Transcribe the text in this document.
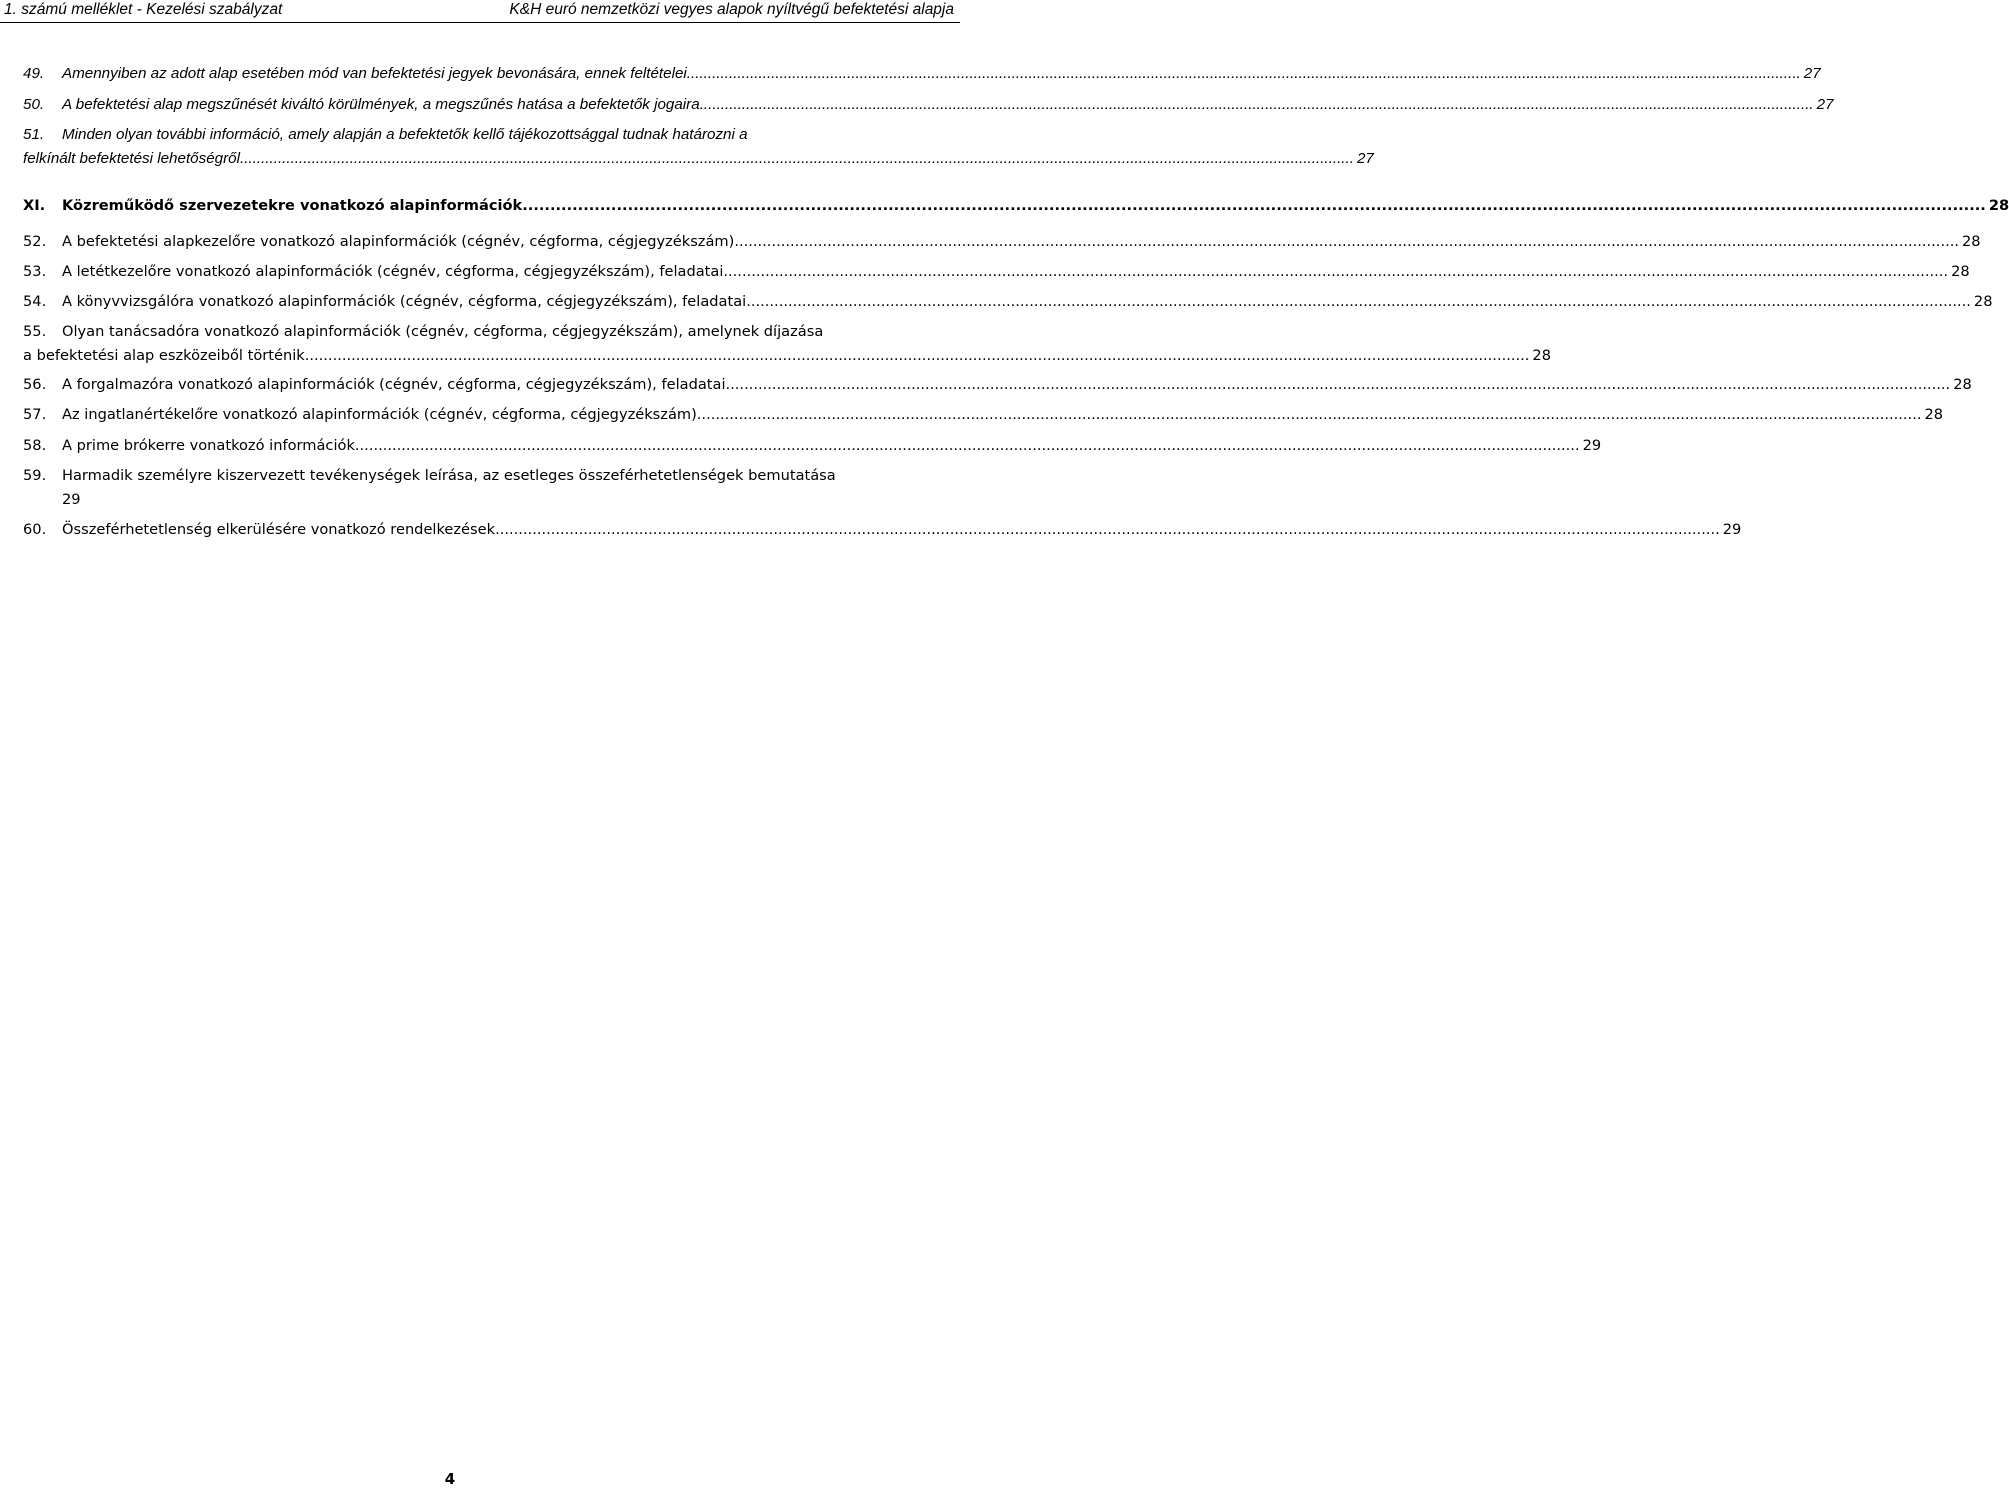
1. számú melléklet - Kezelési szabályzat	K&H euró nemzetközi vegyes alapok nyíltvégű befektetési alapja
49.	Amennyiben az adott alap esetében mód van befektetési jegyek bevonására, ennek feltételei .....	27
50.	A befektetési alap megszűnését kiváltó körülmények, a megszűnés hatása a befektetők jogaira .....	27
51.	Minden olyan további információ, amely alapján a befektetők kellő tájékozottsággal tudnak határozni a
felkínált befektetési lehetőségről .....	27
XI.	Közreműködő szervezetekre vonatkozó alapinformációk .....	28
52.	A befektetési alapkezelőre vonatkozó alapinformációk (cégnév, cégforma, cégjegyzékszám) .....	28
53.	A letétkezelőre vonatkozó alapinformációk (cégnév, cégforma, cégjegyzékszám), feladatai .....	28
54.	A könyvvizsgálóra vonatkozó alapinformációk (cégnév, cégforma, cégjegyzékszám), feladatai .....	28
55.	Olyan tanácsadóra vonatkozó alapinformációk (cégnév, cégforma, cégjegyzékszám), amelynek díjazása
a befektetési alap eszközeiből történik .....	28
56.	A forgalmazóra vonatkozó alapinformációk (cégnév, cégforma, cégjegyzékszám), feladatai .....	28
57.	Az ingatlanértékelőre vonatkozó alapinformációk (cégnév, cégforma, cégjegyzékszám) .....	28
58.	A prime brókerre vonatkozó információk .....	29
59.	Harmadik személyre kiszervezett tevékenységek leírása, az esetleges összeférhetetlenségek bemutatása
29
60.	Összeférhetetlenség elkerülésére vonatkozó rendelkezések .....	29
4
